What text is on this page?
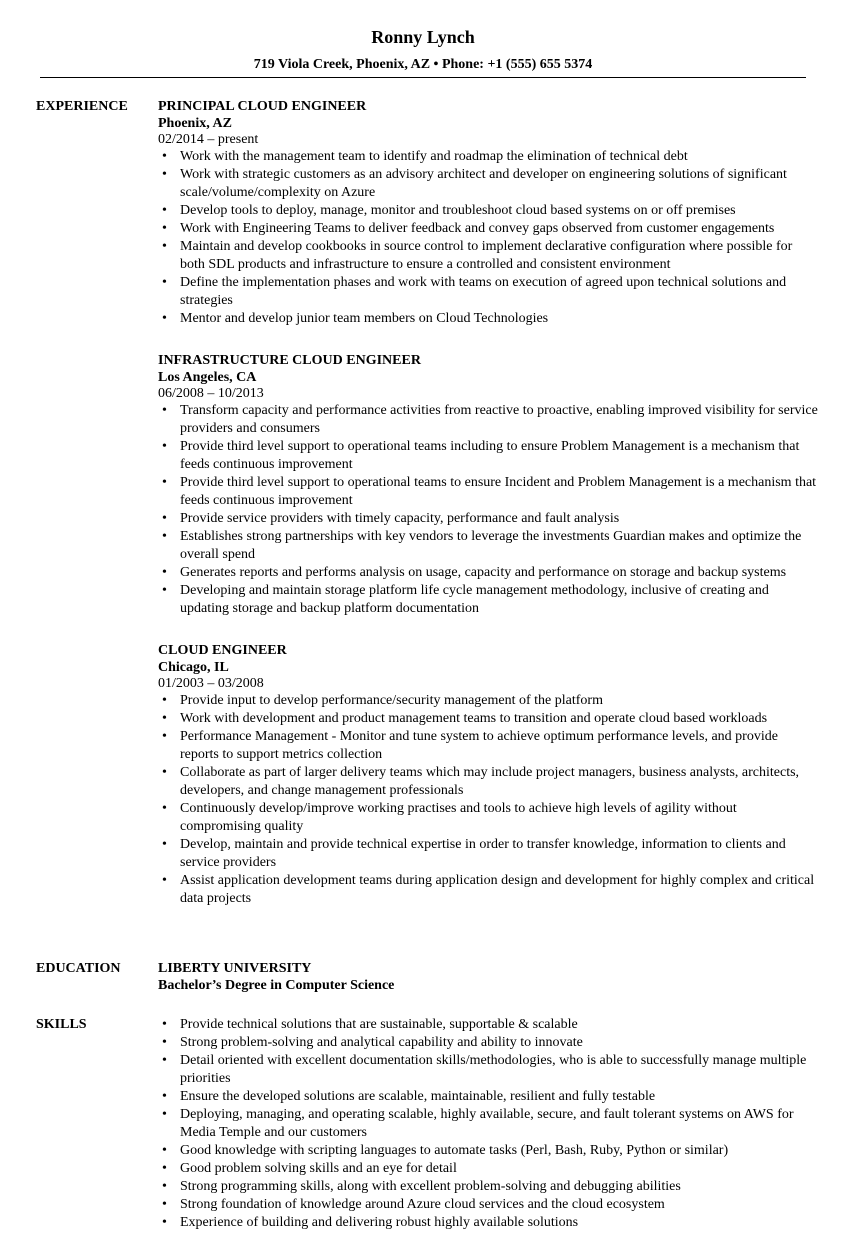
Ronny Lynch
719 Viola Creek, Phoenix, AZ • Phone: +1 (555) 655 5374
EXPERIENCE PRINCIPAL CLOUD ENGINEER
Phoenix, AZ
02/2014 – present
• Work with the management team to identify and roadmap the elimination of technical debt
• Work with strategic customers as an advisory architect and developer on engineering solutions of significant scale/volume/complexity on Azure
• Develop tools to deploy, manage, monitor and troubleshoot cloud based systems on or off premises
• Work with Engineering Teams to deliver feedback and convey gaps observed from customer engagements
• Maintain and develop cookbooks in source control to implement declarative configuration where possible for both SDL products and infrastructure to ensure a controlled and consistent environment
• Define the implementation phases and work with teams on execution of agreed upon technical solutions and strategies
• Mentor and develop junior team members on Cloud Technologies
INFRASTRUCTURE CLOUD ENGINEER
Los Angeles, CA
06/2008 – 10/2013
• Transform capacity and performance activities from reactive to proactive, enabling improved visibility for service providers and consumers
• Provide third level support to operational teams including to ensure Problem Management is a mechanism that feeds continuous improvement
• Provide third level support to operational teams to ensure Incident and Problem Management is a mechanism that feeds continuous improvement
• Provide service providers with timely capacity, performance and fault analysis
• Establishes strong partnerships with key vendors to leverage the investments Guardian makes and optimize the overall spend
• Generates reports and performs analysis on usage, capacity and performance on storage and backup systems
• Developing and maintain storage platform life cycle management methodology, inclusive of creating and updating storage and backup platform documentation
CLOUD ENGINEER
Chicago, IL
01/2003 – 03/2008
• Provide input to develop performance/security management of the platform
• Work with development and product management teams to transition and operate cloud based workloads
• Performance Management - Monitor and tune system to achieve optimum performance levels, and provide reports to support metrics collection
• Collaborate as part of larger delivery teams which may include project managers, business analysts, architects, developers, and change management professionals
• Continuously develop/improve working practises and tools to achieve high levels of agility without compromising quality
• Develop, maintain and provide technical expertise in order to transfer knowledge, information to clients and service providers
• Assist application development teams during application design and development for highly complex and critical data projects
EDUCATION	LIBERTY UNIVERSITY
Bachelor’s Degree in Computer Science
SKILLS	• Provide technical solutions that are sustainable, supportable & scalable
• Strong problem-solving and analytical capability and ability to innovate
• Detail oriented with excellent documentation skills/methodologies, who is able to successfully manage multiple priorities
• Ensure the developed solutions are scalable, maintainable, resilient and fully testable
• Deploying, managing, and operating scalable, highly available, secure, and fault tolerant systems on AWS for Media Temple and our customers
• Good knowledge with scripting languages to automate tasks (Perl, Bash, Ruby, Python or similar)
• Good problem solving skills and an eye for detail
• Strong programming skills, along with excellent problem-solving and debugging abilities
• Strong foundation of knowledge around Azure cloud services and the cloud ecosystem
• Experience of building and delivering robust highly available solutions
